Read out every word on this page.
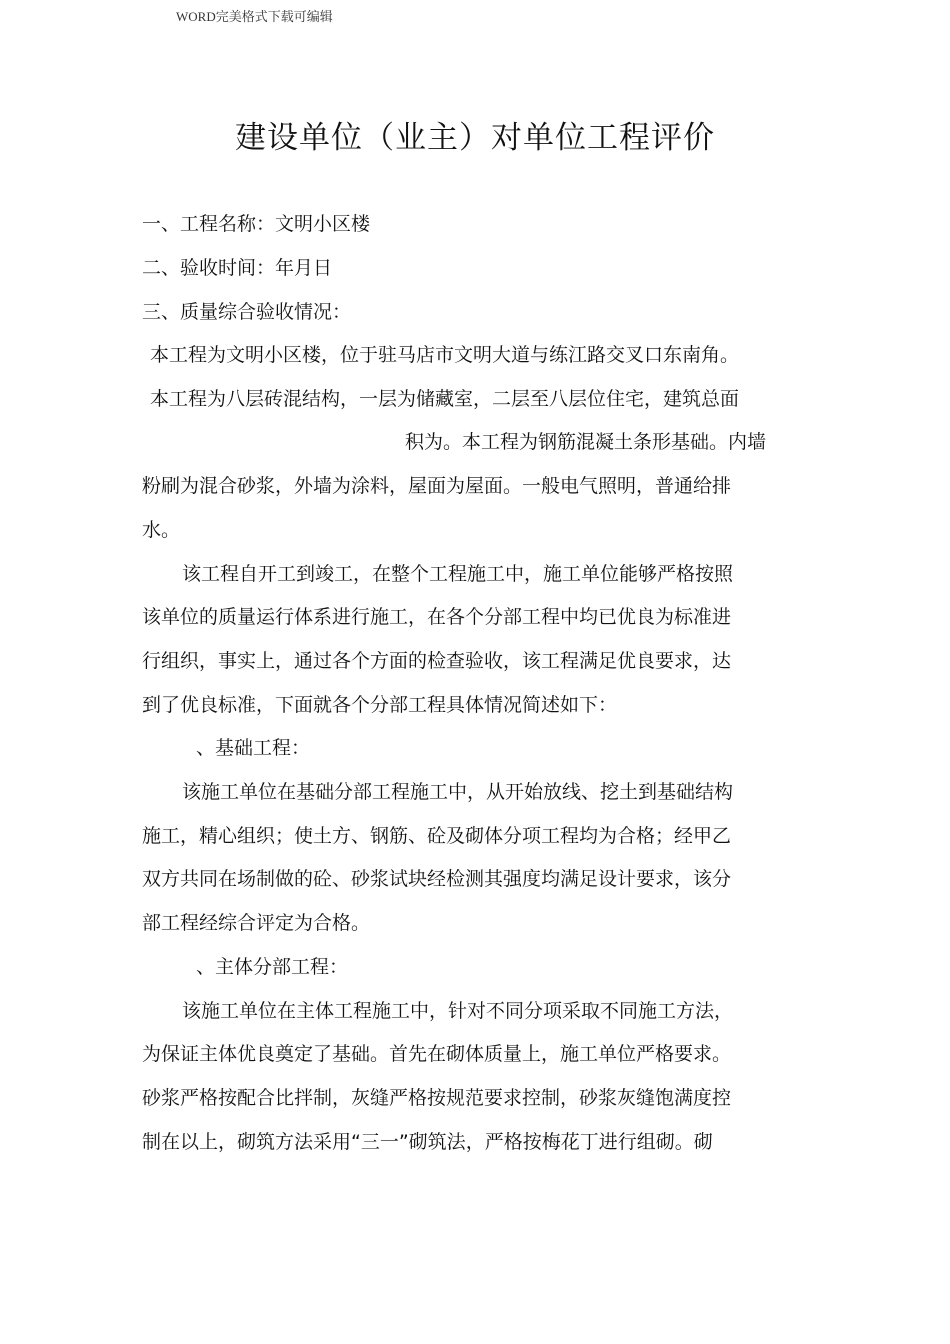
WORD完美格式下载可编辑
建设单位（业主）对单位工程评价
一、工程名称：文明小区楼
二、验收时间：年月日
三、质量综合验收情况：
本工程为文明小区楼，位于驻马店市文明大道与练江路交叉口东南角。
本工程为八层砖混结构，一层为储藏室，二层至八层位住宅，建筑总面
积为。本工程为钢筋混凝土条形基础。内墙
粉刷为混合砂浆，外墙为涂料，屋面为屋面。一般电气照明，普通给排
水。
该工程自开工到竣工，在整个工程施工中，施工单位能够严格按照
该单位的质量运行体系进行施工，在各个分部工程中均已优良为标准进
行组织，事实上，通过各个方面的检查验收，该工程满足优良要求，达
到了优良标准，下面就各个分部工程具体情况简述如下：
、基础工程：
该施工单位在基础分部工程施工中，从开始放线、挖土到基础结构
施工，精心组织；使土方、钢筋、砼及砌体分项工程均为合格；经甲乙
双方共同在场制做的砼、砂浆试块经检测其强度均满足设计要求，该分
部工程经综合评定为合格。
、主体分部工程：
该施工单位在主体工程施工中，针对不同分项采取不同施工方法，
为保证主体优良奠定了基础。首先在砌体质量上，施工单位严格要求。
砂浆严格按配合比拌制，灰缝严格按规范要求控制，砂浆灰缝饱满度控
制在以上，砌筑方法采用“三一”砌筑法，严格按梅花丁进行组砌。砌
